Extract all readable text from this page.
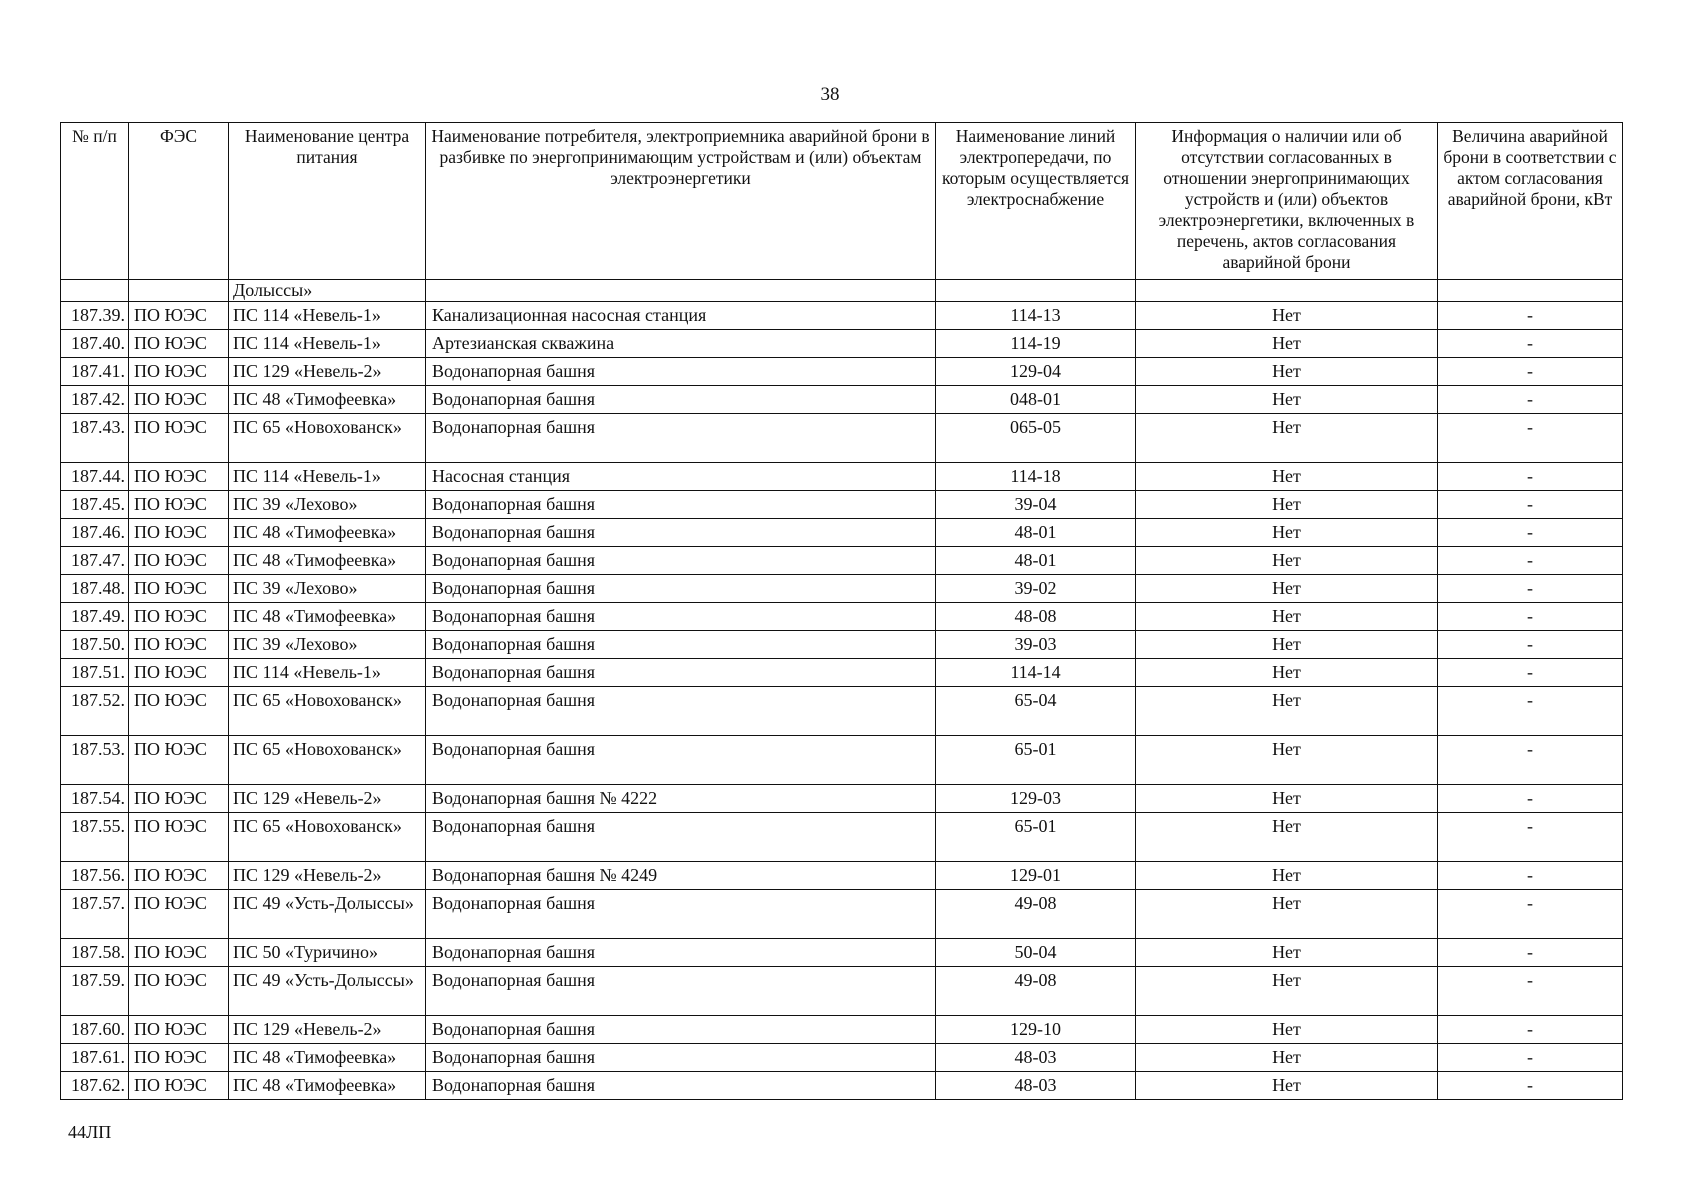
38
№ п/п	ФЭС	Наименование центра питания	Наименование потребителя, электроприемника аварийной брони в разбивке по энергопринимающим устройствам и (или) объектам электроэнергетики	Наименование линий электропередачи, по которым осуществляется электроснабжение	Информация о наличии или об отсутствии согласованных в отношении энергопринимающих устройств и (или) объектов электроэнергетики, включенных в перечень, актов согласования аварийной брони	Величина аварийной брони в соответствии с актом согласования аварийной брони, кВт
		Долыссы»				
187.39.	ПО ЮЭС	ПС 114 «Невель-1»	Канализационная насосная станция	114-13	Нет	-
187.40.	ПО ЮЭС	ПС 114 «Невель-1»	Артезианская скважина	114-19	Нет	-
187.41.	ПО ЮЭС	ПС 129 «Невель-2»	Водонапорная башня	129-04	Нет	-
187.42.	ПО ЮЭС	ПС 48 «Тимофеевка»	Водонапорная башня	048-01	Нет	-
187.43.	ПО ЮЭС	ПС 65 «Новохованск»	Водонапорная башня	065-05	Нет	-
187.44.	ПО ЮЭС	ПС 114 «Невель-1»	Насосная станция	114-18	Нет	-
187.45.	ПО ЮЭС	ПС 39 «Лехово»	Водонапорная башня	39-04	Нет	-
187.46.	ПО ЮЭС	ПС 48 «Тимофеевка»	Водонапорная башня	48-01	Нет	-
187.47.	ПО ЮЭС	ПС 48 «Тимофеевка»	Водонапорная башня	48-01	Нет	-
187.48.	ПО ЮЭС	ПС 39 «Лехово»	Водонапорная башня	39-02	Нет	-
187.49.	ПО ЮЭС	ПС 48 «Тимофеевка»	Водонапорная башня	48-08	Нет	-
187.50.	ПО ЮЭС	ПС 39 «Лехово»	Водонапорная башня	39-03	Нет	-
187.51.	ПО ЮЭС	ПС 114 «Невель-1»	Водонапорная башня	114-14	Нет	-
187.52.	ПО ЮЭС	ПС 65 «Новохованск»	Водонапорная башня	65-04	Нет	-
187.53.	ПО ЮЭС	ПС 65 «Новохованск»	Водонапорная башня	65-01	Нет	-
187.54.	ПО ЮЭС	ПС 129 «Невель-2»	Водонапорная башня № 4222	129-03	Нет	-
187.55.	ПО ЮЭС	ПС 65 «Новохованск»	Водонапорная башня	65-01	Нет	-
187.56.	ПО ЮЭС	ПС 129 «Невель-2»	Водонапорная башня № 4249	129-01	Нет	-
187.57.	ПО ЮЭС	ПС 49 «Усть-Долыссы»	Водонапорная башня	49-08	Нет	-
187.58.	ПО ЮЭС	ПС 50 «Туричино»	Водонапорная башня	50-04	Нет	-
187.59.	ПО ЮЭС	ПС 49 «Усть-Долыссы»	Водонапорная башня	49-08	Нет	-
187.60.	ПО ЮЭС	ПС 129 «Невель-2»	Водонапорная башня	129-10	Нет	-
187.61.	ПО ЮЭС	ПС 48 «Тимофеевка»	Водонапорная башня	48-03	Нет	-
187.62.	ПО ЮЭС	ПС 48 «Тимофеевка»	Водонапорная башня	48-03	Нет	-
44ЛП
